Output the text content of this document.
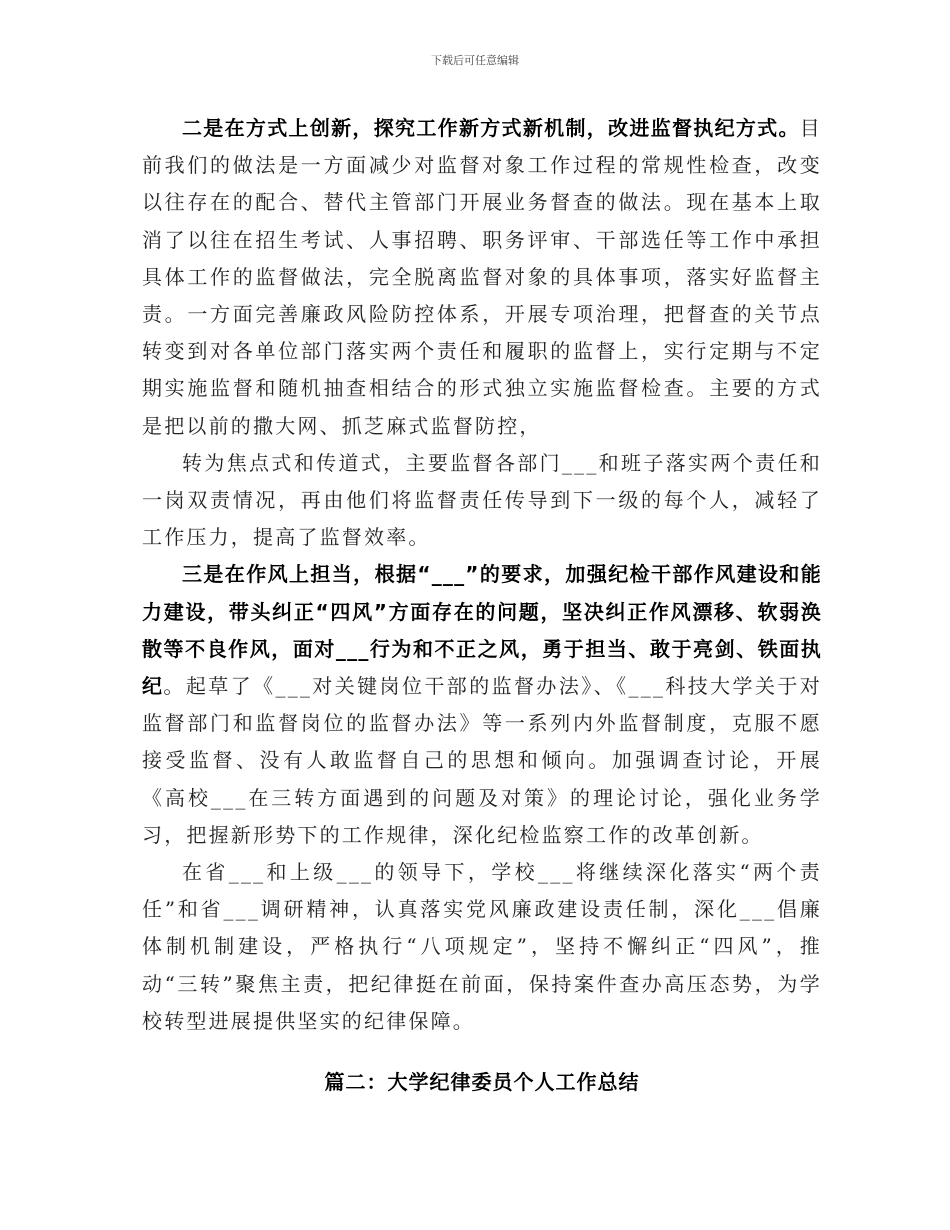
下载后可任意编辑

二是在方式上创新，探究工作新方式新机制，改进监督执纪方式。目前我们的做法是一方面减少对监督对象工作过程的常规性检查，改变以往存在的配合、替代主管部门开展业务督查的做法。现在基本上取消了以往在招生考试、人事招聘、职务评审、干部选任等工作中承担具体工作的监督做法，完全脱离监督对象的具体事项，落实好监督主责。一方面完善廉政风险防控体系，开展专项治理，把督查的关节点转变到对各单位部门落实两个责任和履职的监督上，实行定期与不定期实施监督和随机抽查相结合的形式独立实施监督检查。主要的方式是把以前的撒大网、抓芝麻式监督防控，

转为焦点式和传道式，主要监督各部门___和班子落实两个责任和一岗双责情况，再由他们将监督责任传导到下一级的每个人，减轻了工作压力，提高了监督效率。

三是在作风上担当，根据“___”的要求，加强纪检干部作风建设和能力建设，带头纠正“四风”方面存在的问题，坚决纠正作风漂移、软弱涣散等不良作风，面对___行为和不正之风，勇于担当、敢于亮剑、铁面执纪。起草了《___对关键岗位干部的监督办法》、《___科技大学关于对监督部门和监督岗位的监督办法》等一系列内外监督制度，克服不愿接受监督、没有人敢监督自己的思想和倾向。加强调查讨论，开展《高校___在三转方面遇到的问题及对策》的理论讨论，强化业务学习，把握新形势下的工作规律，深化纪检监察工作的改革创新。

在省___和上级___的领导下，学校___将继续深化落实“两个责任”和省___调研精神，认真落实党风廉政建设责任制，深化___倡廉体制机制建设，严格执行“八项规定”，坚持不懈纠正“四风”，推动“三转”聚焦主责，把纪律挺在前面，保持案件查办高压态势，为学校转型进展提供坚实的纪律保障。

篇二：大学纪律委员个人工作总结
